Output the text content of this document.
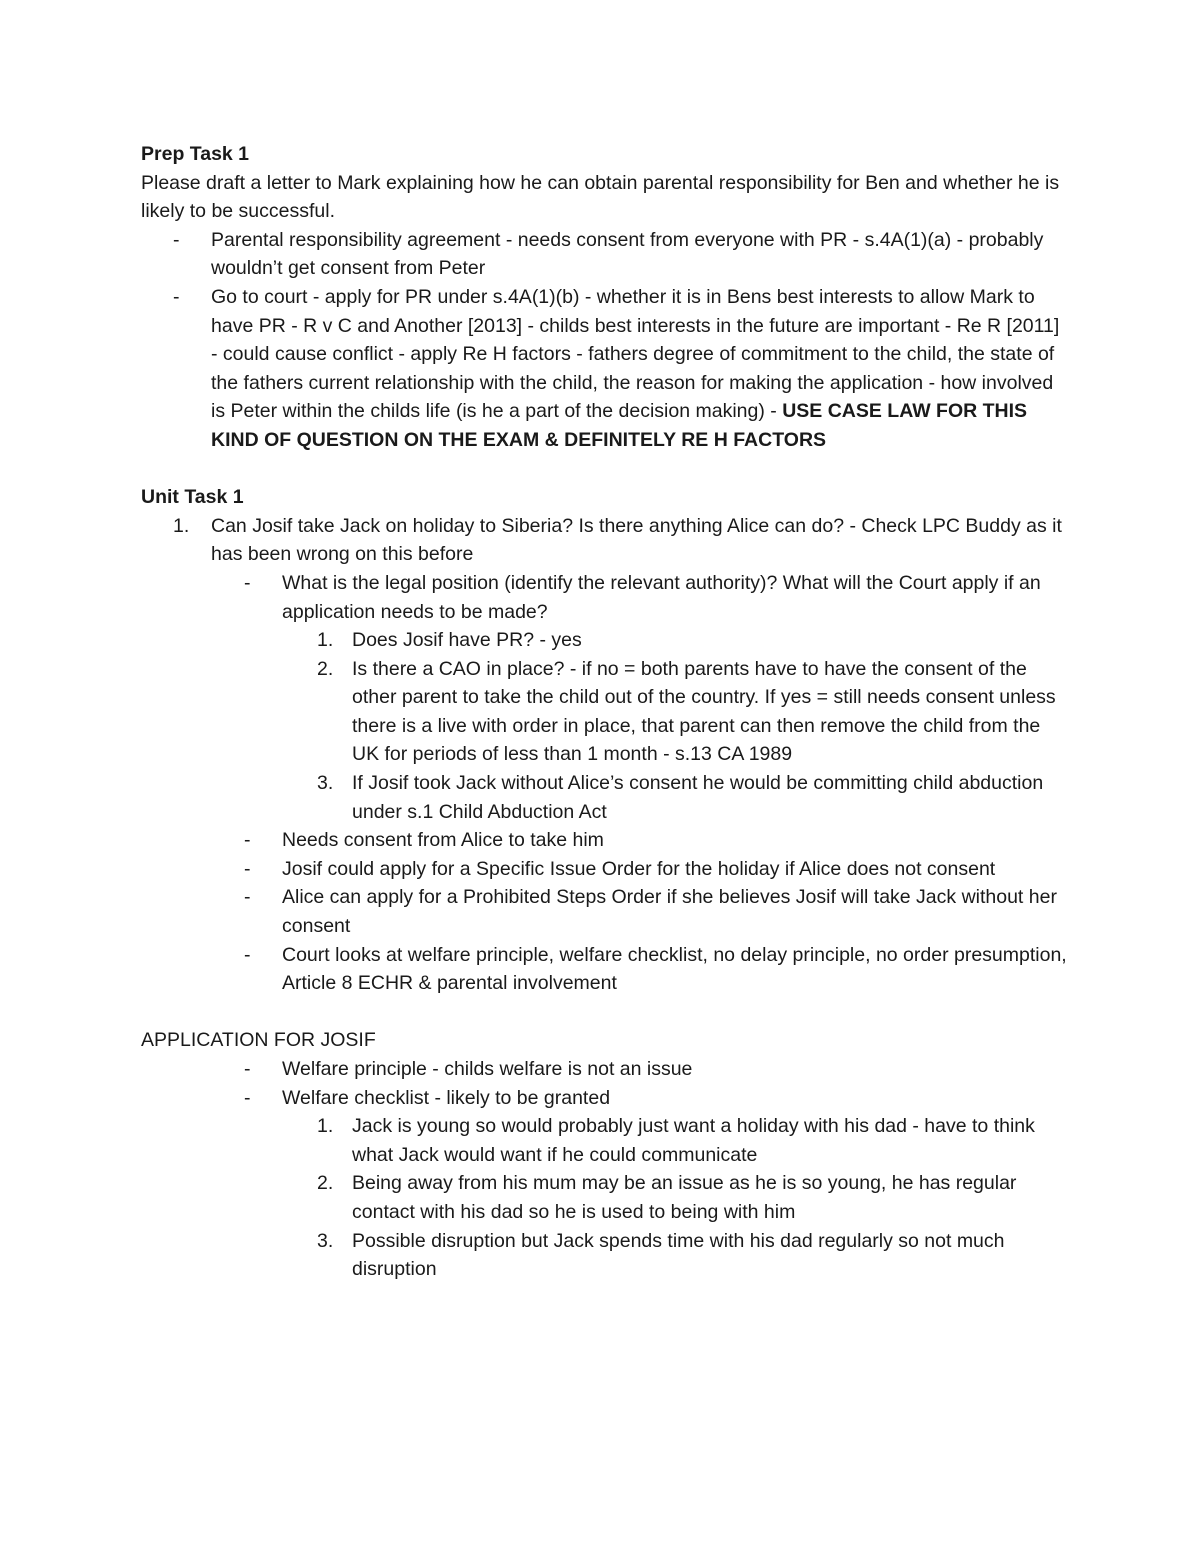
Prep Task 1

Please draft a letter to Mark explaining how he can obtain parental responsibility for Ben and whether he is likely to be successful.

- Parental responsibility agreement - needs consent from everyone with PR - s.4A(1)(a) - probably wouldn’t get consent from Peter
- Go to court - apply for PR under s.4A(1)(b) - whether it is in Bens best interests to allow Mark to have PR - R v C and Another [2013] - childs best interests in the future are important - Re R [2011] - could cause conflict - apply Re H factors - fathers degree of commitment to the child, the state of the fathers current relationship with the child, the reason for making the application - how involved is Peter within the childs life (is he a part of the decision making) - USE CASE LAW FOR THIS KIND OF QUESTION ON THE EXAM & DEFINITELY RE H FACTORS

Unit Task 1

1. Can Josif take Jack on holiday to Siberia? Is there anything Alice can do? - Check LPC Buddy as it has been wrong on this before
- What is the legal position (identify the relevant authority)? What will the Court apply if an application needs to be made?
1. Does Josif have PR? - yes
2. Is there a CAO in place? - if no = both parents have to have the consent of the other parent to take the child out of the country. If yes = still needs consent unless there is a live with order in place, that parent can then remove the child from the UK for periods of less than 1 month - s.13 CA 1989
3. If Josif took Jack without Alice’s consent he would be committing child abduction under s.1 Child Abduction Act
- Needs consent from Alice to take him
- Josif could apply for a Specific Issue Order for the holiday if Alice does not consent
- Alice can apply for a Prohibited Steps Order if she believes Josif will take Jack without her consent
- Court looks at welfare principle, welfare checklist, no delay principle, no order presumption, Article 8 ECHR & parental involvement

APPLICATION FOR JOSIF

- Welfare principle - childs welfare is not an issue
- Welfare checklist - likely to be granted
1. Jack is young so would probably just want a holiday with his dad - have to think what Jack would want if he could communicate
2. Being away from his mum may be an issue as he is so young, he has regular contact with his dad so he is used to being with him
3. Possible disruption but Jack spends time with his dad regularly so not much disruption
